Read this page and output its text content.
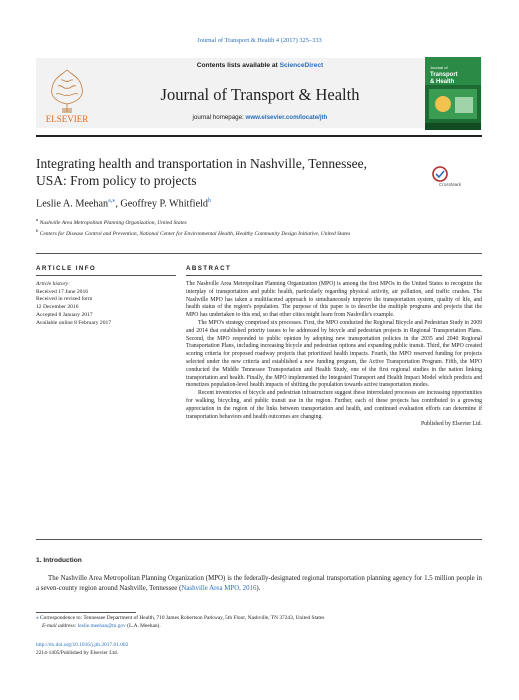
Journal of Transport & Health 4 (2017) 325–333
ELSEVIER
Contents lists available at ScienceDirect
Journal of Transport & Health
journal homepage: www.elsevier.com/locate/jth
Journal of
Transport
& Health
Integrating health and transportation in Nashville, Tennessee, USA: From policy to projects	CrossMark
Leslie A. Meehan$^{a,⁎}$, Geoffrey P. Whitfield$^b$
$^a$ Nashville Area Metropolitan Planning Organization, United States
$^b$ Centers for Disease Control and Prevention, National Center for Environmental Health, Healthy Community Design Initiative, United States
ARTICLE INFO	ABSTRACT
Article history:
Received 17 June 2016
Received in revised form
12 December 2016
Accepted 8 January 2017
Available online 8 February 2017

The Nashville Area Metropolitan Planning Organization (MPO) is among the first MPOs in the United States to recognize the interplay of transportation and public health, particularly regarding physical activity, air pollution, and traffic crashes. The Nashville MPO has taken a multifaceted approach to simultaneously improve the transportation system, quality of life, and health status of the region's population. The purpose of this paper is to describe the multiple programs and projects that the MPO has undertaken to this end, so that other cities might learn from Nashville's example.

The MPO's strategy comprised six processes. First, the MPO conducted the Regional Bicycle and Pedestrian Study in 2009 and 2014 that established priority issues to be addressed by bicycle and pedestrian projects in Regional Transportation Plans. Second, the MPO responded to public opinion by adopting new transportation policies in the 2035 and 2040 Regional Transportation Plans, including increasing bicycle and pedestrian options and expanding public transit. Third, the MPO created scoring criteria for proposed roadway projects that prioritized health impacts. Fourth, the MPO reserved funding for projects selected under the new criteria and established a new funding program, the Active Transportation Program. Fifth, the MPO conducted the Middle Tennessee Transportation and Health Study, one of the first regional studies in the nation linking transportation and health. Finally, the MPO implemented the Integrated Transport and Health Impact Model which predicts and monetizes population-level health impacts of shifting the population towards active transportation modes.

Recent inventories of bicycle and pedestrian infrastructure suggest these interrelated processes are increasing opportunities for walking, bicycling, and public transit use in the region. Further, each of these projects has contributed to a growing appreciation in the region of the links between transportation and health, and continued evaluation efforts can determine if transportation behaviors and health outcomes are changing.

Published by Elsevier Ltd.
1. Introduction
The Nashville Area Metropolitan Planning Organization (MPO) is the federally-designated regional transportation planning agency for 1.5 million people in a seven-county region around Nashville, Tennessee (Nashville Area MPO, 2016).
⁎ Correspondence to: Tennessee Department of Health, 710 James Robertson Parkway, 5th Floor, Nashville, TN 37243, United States
E-mail address: leslie.meehan@tn.gov (L.A. Meehan).
http://dx.doi.org/10.1016/j.jth.2017.01.002
2214-1405/Published by Elsevier Ltd.
